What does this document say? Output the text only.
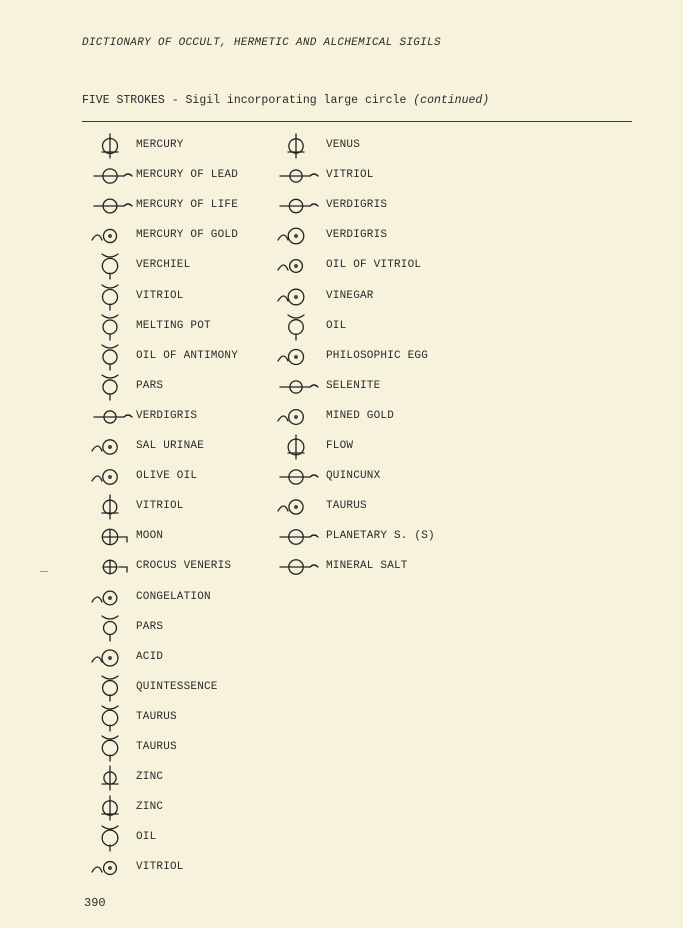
DICTIONARY OF OCCULT, HERMETIC AND ALCHEMICAL SIGILS
FIVE STROKES - Sigil incorporating large circle (continued)
MERCURY
MERCURY OF LEAD
MERCURY OF LIFE
MERCURY OF GOLD
VERCHIEL
VITRIOL
MELTING POT
OIL OF ANTIMONY
PARS
VERDIGRIS
SAL URINAE
OLIVE OIL
VITRIOL
MOON
CROCUS VENERIS
CONGELATION
PARS
ACID
QUINTESSENCE
TAURUS
TAURUS
ZINC
ZINC
OIL
VITRIOL
VENUS
VITRIOL
VERDIGRIS
VERDIGRIS
OIL OF VITRIOL
VINEGAR
OIL
PHILOSOPHIC EGG
SELENITE
MINED GOLD
FLOW
QUINCUNX
TAURUS
PLANETARY S. (S)
MINERAL SALT
390
